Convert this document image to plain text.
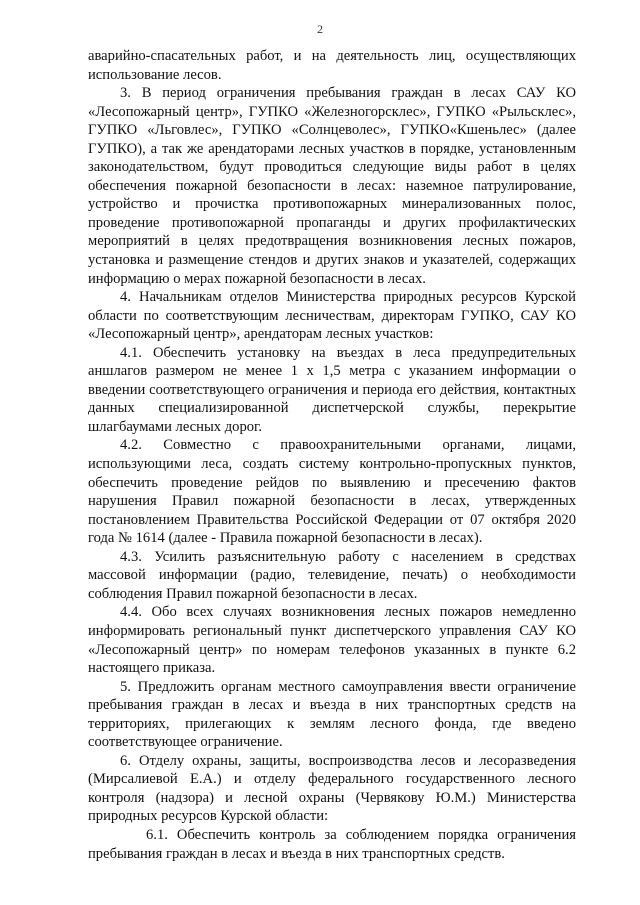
2

аварийно-спасательных работ, и на деятельность лиц, осуществляющих использование лесов.

3. В период ограничения пребывания граждан в лесах САУ КО «Лесопожарный центр», ГУПКО «Железногорсклес», ГУПКО «Рыльсклес», ГУПКО «Льговлес», ГУПКО «Солнцеволес», ГУПКО«Кшеньлес» (далее ГУПКО), а так же арендаторами лесных участков в порядке, установленным законодательством, будут проводиться следующие виды работ в целях обеспечения пожарной безопасности в лесах: наземное патрулирование, устройство и прочистка противопожарных минерализованных полос, проведение противопожарной пропаганды и других профилактических мероприятий в целях предотвращения возникновения лесных пожаров, установка и размещение стендов и других знаков и указателей, содержащих информацию о мерах пожарной безопасности в лесах.

4. Начальникам отделов Министерства природных ресурсов Курской области по соответствующим лесничествам, директорам ГУПКО, САУ КО «Лесопожарный центр», арендаторам лесных участков:

4.1. Обеспечить установку на въездах в леса предупредительных аншлагов размером не менее 1 х 1,5 метра с указанием информации о введении соответствующего ограничения и периода его действия, контактных данных специализированной диспетчерской службы, перекрытие шлагбаумами лесных дорог.

4.2. Совместно с правоохранительными органами, лицами, использующими леса, создать систему контрольно-пропускных пунктов, обеспечить проведение рейдов по выявлению и пресечению фактов нарушения Правил пожарной безопасности в лесах, утвержденных постановлением Правительства Российской Федерации от 07 октября 2020 года № 1614 (далее - Правила пожарной безопасности в лесах).

4.3. Усилить разъяснительную работу с населением в средствах массовой информации (радио, телевидение, печать) о необходимости соблюдения Правил пожарной безопасности в лесах.

4.4. Обо всех случаях возникновения лесных пожаров немедленно информировать региональный пункт диспетчерского управления САУ КО «Лесопожарный центр» по номерам телефонов указанных в пункте 6.2 настоящего приказа.

5. Предложить органам местного самоуправления ввести ограничение пребывания граждан в лесах и въезда в них транспортных средств на территориях, прилегающих к землям лесного фонда, где введено соответствующее ограничение.

6. Отделу охраны, защиты, воспроизводства лесов и лесоразведения (Мирсалиевой Е.А.) и отделу федерального государственного лесного контроля (надзора) и лесной охраны (Червякову Ю.М.) Министерства природных ресурсов Курской области:

6.1. Обеспечить контроль за соблюдением порядка ограничения пребывания граждан в лесах и въезда в них транспортных средств.
